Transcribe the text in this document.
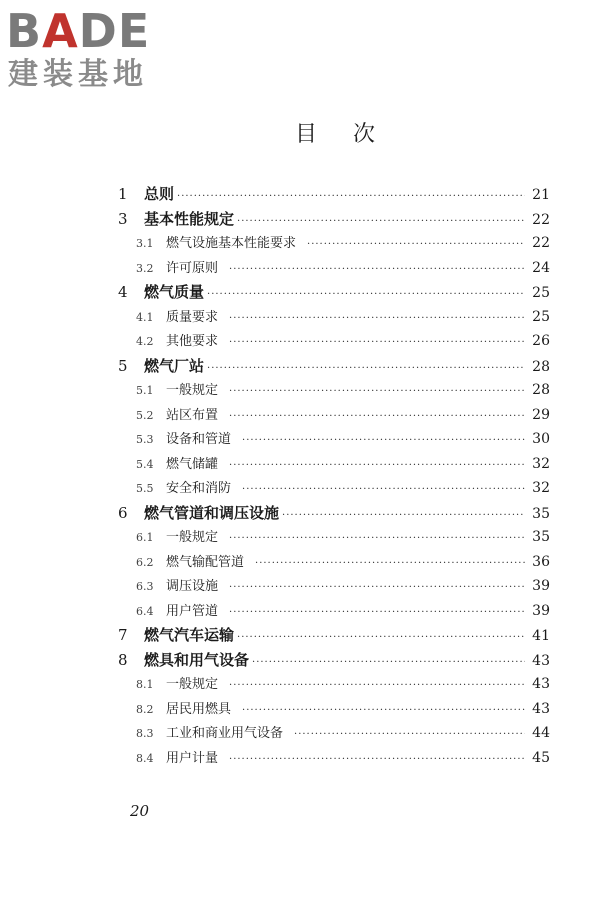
BADE
建装基地
目次
1	总则 ·····	21
3	基本性能规定 ·····	22
3.1 燃气设施基本性能要求 ·····	22
3.2 许可原则 ·····	24
4	燃气质量 ·····	25
4.1 质量要求 ·····	25
4.2 其他要求 ·····	26
5	燃气厂站 ·····	28
5.1 一般规定 ·····	28
5.2 站区布置 ·····	29
5.3 设备和管道 ·····	30
5.4 燃气储罐 ·····	32
5.5 安全和消防 ·····	32
6	燃气管道和调压设施 ·····	35
6.1 一般规定 ·····	35
6.2 燃气输配管道 ·····	36
6.3 调压设施 ·····	39
6.4 用户管道 ·····	39
7	燃气汽车运输 ·····	41
8	燃具和用气设备 ·····	43
8.1 一般规定 ·····	43
8.2 居民用燃具 ·····	43
8.3 工业和商业用气设备 ·····	44
8.4 用户计量 ·····	45
20
